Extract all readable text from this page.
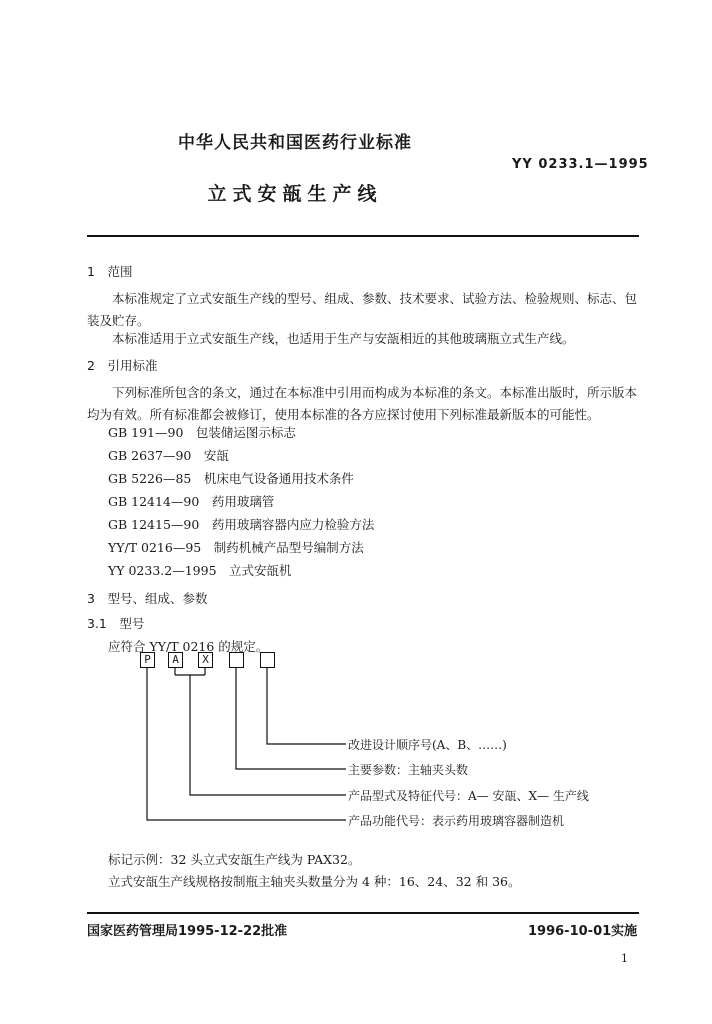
中华人民共和国医药行业标准
YY 0233.1—1995
立式安瓿生产线
1　范围
本标准规定了立式安瓿生产线的型号、组成、参数、技术要求、试验方法、检验规则、标志、包装及贮存。
本标准适用于立式安瓿生产线，也适用于生产与安瓿相近的其他玻璃瓶立式生产线。
2　引用标准
下列标准所包含的条文，通过在本标准中引用而构成为本标准的条文。本标准出版时，所示版本均为有效。所有标准都会被修订，使用本标准的各方应探讨使用下列标准最新版本的可能性。
GB 191—90　包装储运图示标志
GB 2637—90　安瓿
GB 5226—85　机床电气设备通用技术条件
GB 12414—90　药用玻璃管
GB 12415—90　药用玻璃容器内应力检验方法
YY/T 0216—95　制药机械产品型号编制方法
YY 0233.2—1995　立式安瓿机
3　型号、组成、参数
3.1　型号
应符合 YY/T 0216 的规定。
P	A	X
改进设计顺序号(A、B、……)
主要参数：主轴夹头数
产品型式及特征代号：A— 安瓿、X— 生产线
产品功能代号：表示药用玻璃容器制造机
标记示例：32 头立式安瓿生产线为 PAX32。
立式安瓿生产线规格按制瓶主轴夹头数量分为 4 种：16、24、32 和 36。
国家医药管理局1995-12-22批准	1996-10-01实施
1
